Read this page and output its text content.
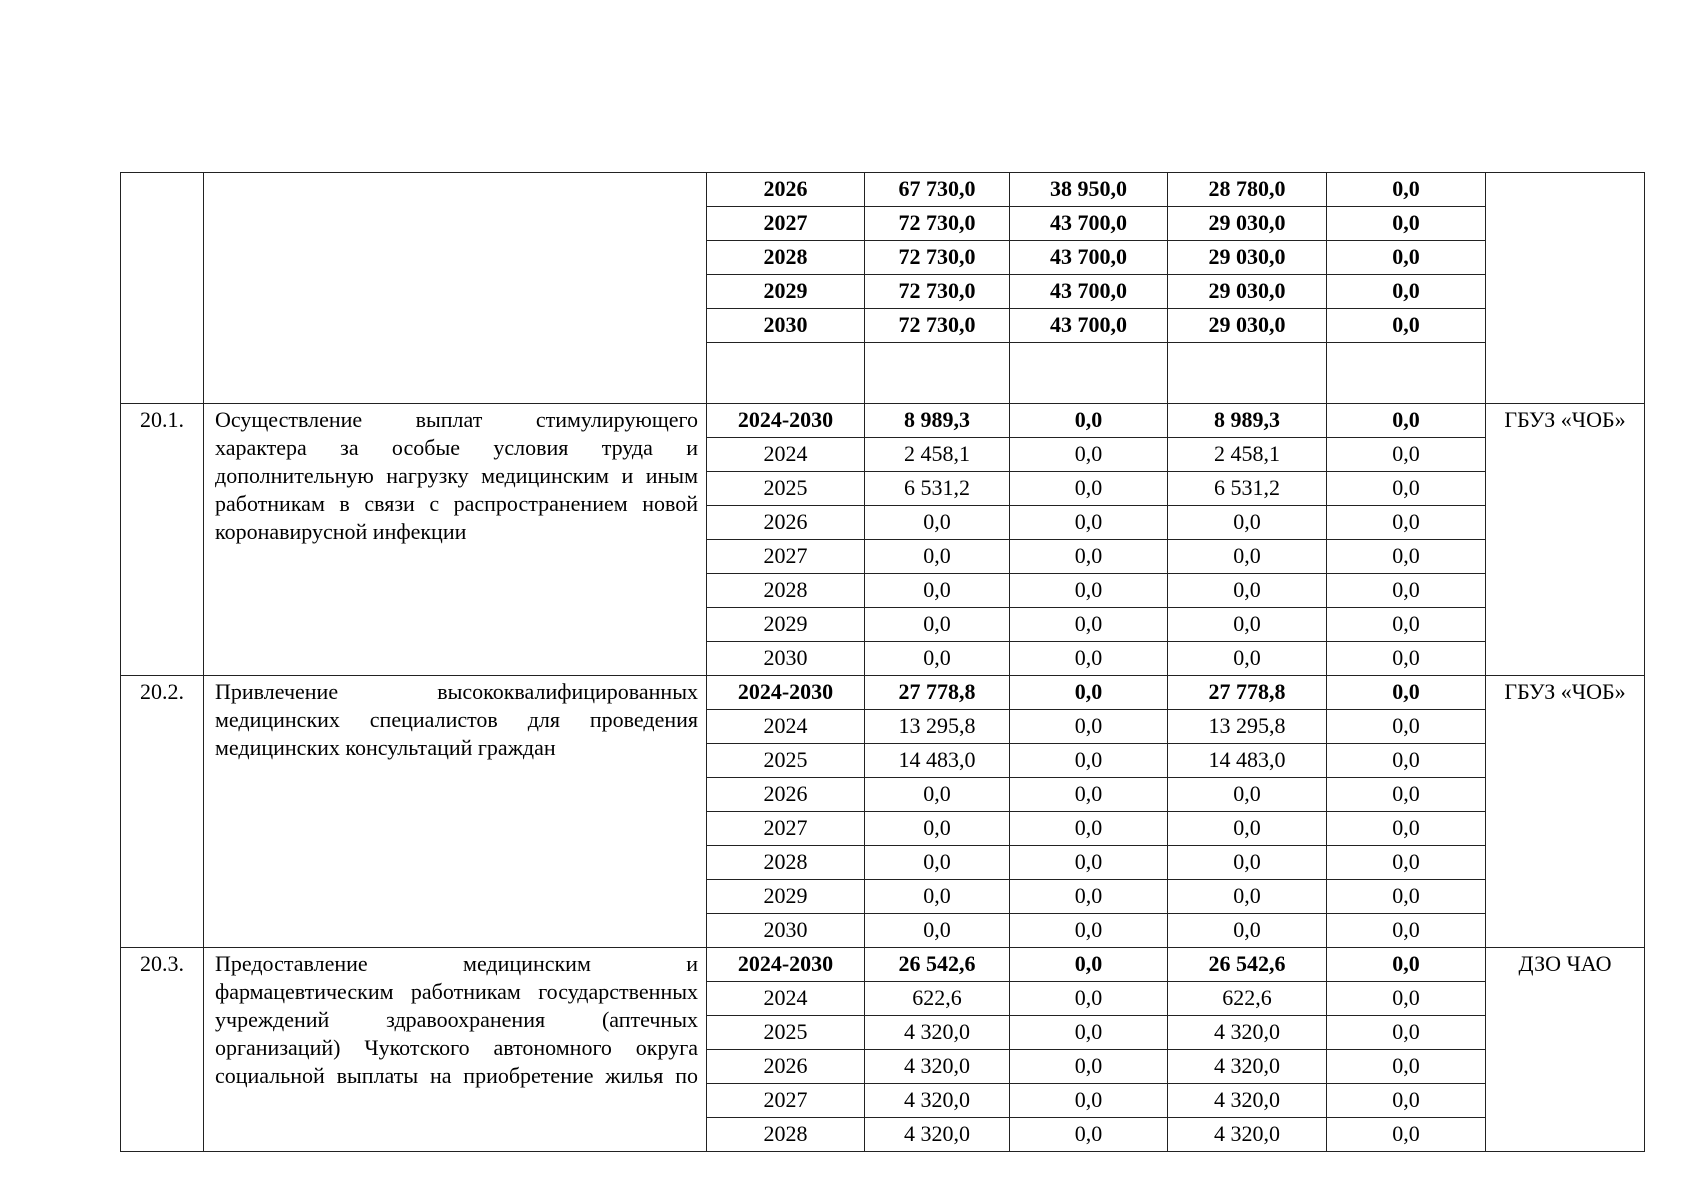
		2026	67 730,0	38 950,0	28 780,0	0,0	
		2027	72 730,0	43 700,0	29 030,0	0,0	
		2028	72 730,0	43 700,0	29 030,0	0,0	
		2029	72 730,0	43 700,0	29 030,0	0,0	
		2030	72 730,0	43 700,0	29 030,0	0,0	

20.1.	Осуществление выплат стимулирующего характера за особые условия труда и дополнительную нагрузку медицинским и иным работникам в связи с распространением новой коронавирусной инфекции	2024-2030	8 989,3	0,0	8 989,3	0,0	ГБУЗ «ЧОБ»
		2024	2 458,1	0,0	2 458,1	0,0	
		2025	6 531,2	0,0	6 531,2	0,0	
		2026	0,0	0,0	0,0	0,0	
		2027	0,0	0,0	0,0	0,0	
		2028	0,0	0,0	0,0	0,0	
		2029	0,0	0,0	0,0	0,0	
		2030	0,0	0,0	0,0	0,0	
20.2.	Привлечение высококвалифицированных медицинских специалистов для проведения медицинских консультаций граждан	2024-2030	27 778,8	0,0	27 778,8	0,0	ГБУЗ «ЧОБ»
		2024	13 295,8	0,0	13 295,8	0,0	
		2025	14 483,0	0,0	14 483,0	0,0	
		2026	0,0	0,0	0,0	0,0	
		2027	0,0	0,0	0,0	0,0	
		2028	0,0	0,0	0,0	0,0	
		2029	0,0	0,0	0,0	0,0	
		2030	0,0	0,0	0,0	0,0	
20.3.	Предоставление медицинским и фармацевтическим работникам государственных учреждений здравоохранения (аптечных организаций) Чукотского автономного округа социальной выплаты на приобретение жилья по	2024-2030	26 542,6	0,0	26 542,6	0,0	ДЗО ЧАО
		2024	622,6	0,0	622,6	0,0	
		2025	4 320,0	0,0	4 320,0	0,0	
		2026	4 320,0	0,0	4 320,0	0,0	
		2027	4 320,0	0,0	4 320,0	0,0	
		2028	4 320,0	0,0	4 320,0	0,0	
